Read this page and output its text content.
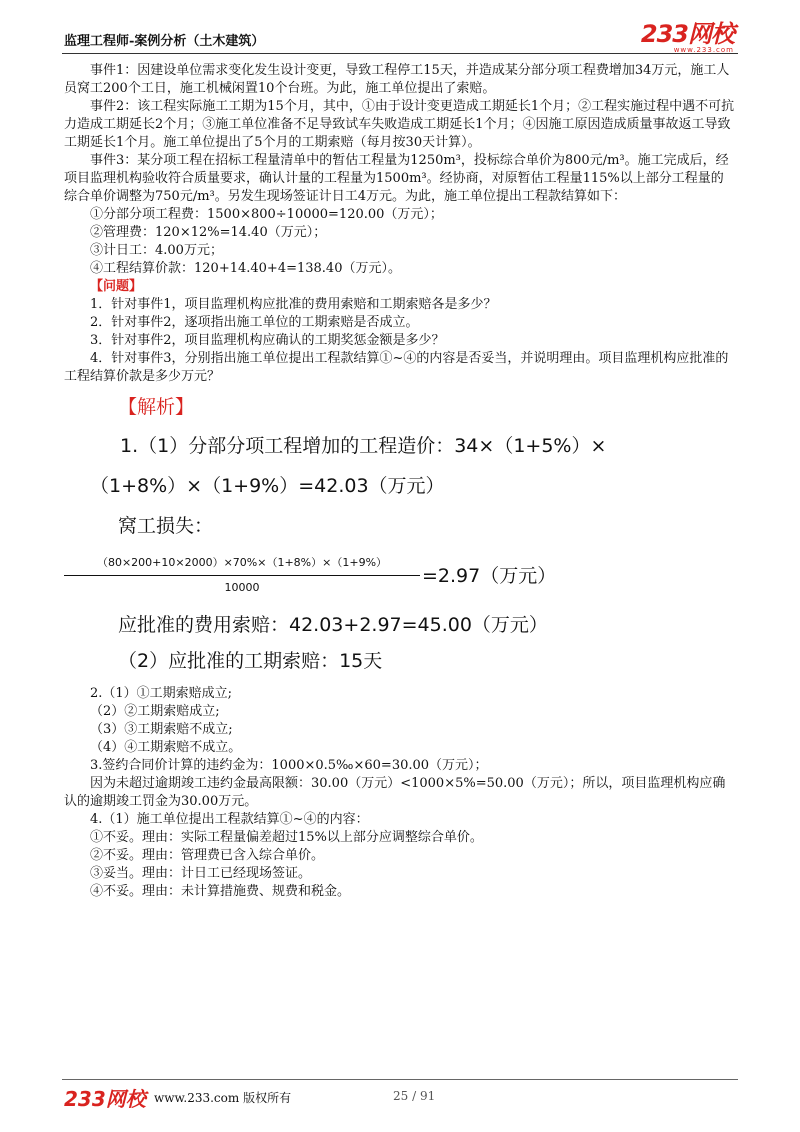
监理工程师-案例分析（土木建筑）	233网校
www.233.com

事件1：因建设单位需求变化发生设计变更，导致工程停工15天，并造成某分部分项工程费增加34万元，施工人员窝工200个工日，施工机械闲置10个台班。为此，施工单位提出了索赔。

事件2：该工程实际施工工期为15个月，其中，①由于设计变更造成工期延长1个月；②工程实施过程中遇不可抗力造成工期延长2个月；③施工单位准备不足导致试车失败造成工期延长1个月；④因施工原因造成质量事故返工导致工期延长1个月。施工单位提出了5个月的工期索赔（每月按30天计算）。

事件3：某分项工程在招标工程量清单中的暂估工程量为1250m³，投标综合单价为800元/m³。施工完成后，经项目监理机构验收符合质量要求，确认计量的工程量为1500m³。经协商，对原暂估工程量115%以上部分工程量的综合单价调整为750元/m³。另发生现场签证计日工4万元。为此，施工单位提出工程款结算如下：

①分部分项工程费：1500×800÷10000=120.00（万元）；

②管理费：120×12%=14.40（万元）；

③计日工：4.00万元；

④工程结算价款：120+14.40+4=138.40（万元）。

【问题】

1．针对事件1，项目监理机构应批准的费用索赔和工期索赔各是多少？

2．针对事件2，逐项指出施工单位的工期索赔是否成立。

3．针对事件2，项目监理机构应确认的工期奖惩金额是多少？

4．针对事件3，分别指出施工单位提出工程款结算①~④的内容是否妥当，并说明理由。项目监理机构应批准的工程结算价款是多少万元？

【解析】
1.（1）分部分项工程增加的工程造价：34×（1+5%）×
（1+8%）×（1+9%）=42.03（万元）
窝工损失：
$\frac{(80\times 200+10\times 2000)\times 70\%\times(1+8\%)\times(1+9\%)}{10000} =2.97$（万元）
应批准的费用索赔：42.03+2.97=45.00（万元）
（2）应批准的工期索赔：15天

2.（1）①工期索赔成立;

（2）②工期索赔成立;

（3）③工期索赔不成立;

（4）④工期索赔不成立。

3.签约合同价计算的违约金为：1000×0.5‰×60=30.00（万元）；

因为未超过逾期竣工违约金最高限额：30.00（万元）<1000×5%=50.00（万元）；所以，项目监理机构应确认的逾期竣工罚金为30.00万元。

4.（1）施工单位提出工程款结算①~④的内容：

①不妥。理由：实际工程量偏差超过15%以上部分应调整综合单价。

②不妥。理由：管理费已含入综合单价。

③妥当。理由：计日工已经现场签证。

④不妥。理由：未计算措施费、规费和税金。

233网校 www.233.com 版权所有	25 / 91
